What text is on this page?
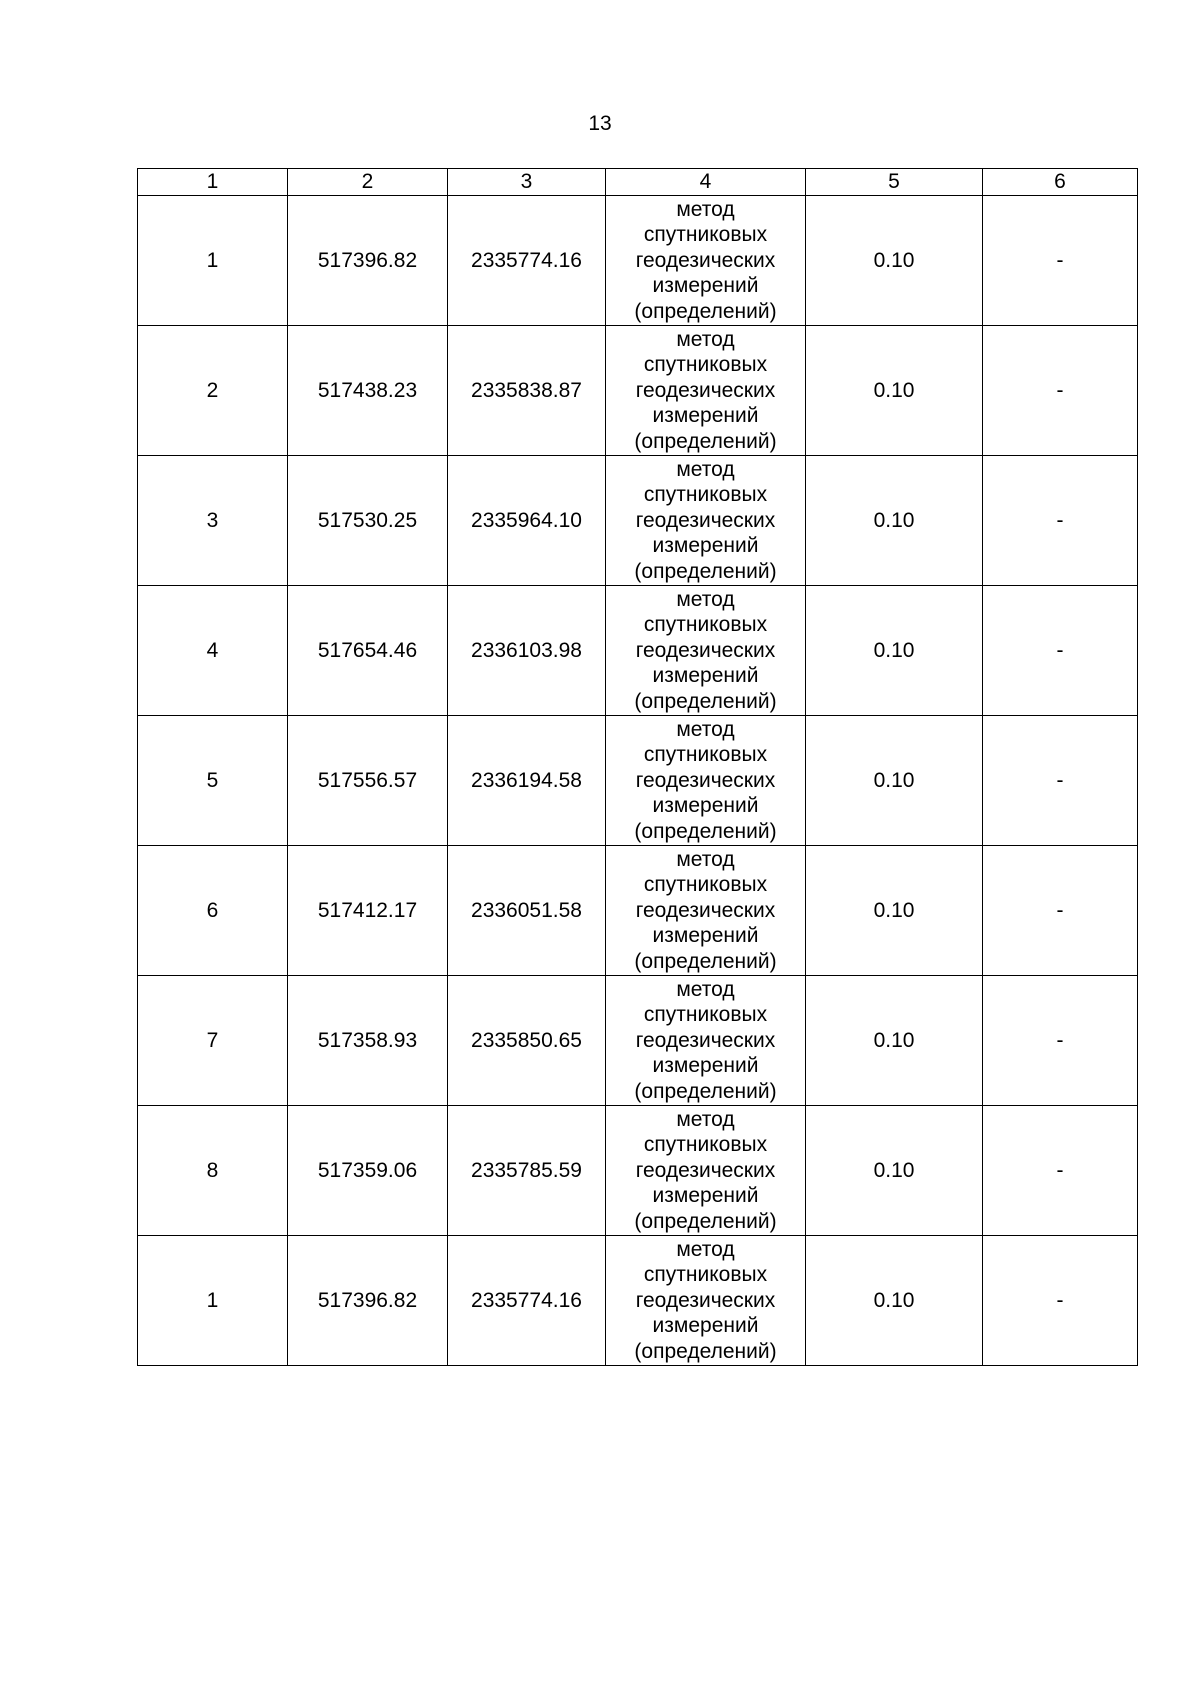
13
1	2	3	4	5	6
1	517396.82	2335774.16	метод
спутниковых
геодезических
измерений
(определений)	0.10	-
2	517438.23	2335838.87	метод
спутниковых
геодезических
измерений
(определений)	0.10	-
3	517530.25	2335964.10	метод
спутниковых
геодезических
измерений
(определений)	0.10	-
4	517654.46	2336103.98	метод
спутниковых
геодезических
измерений
(определений)	0.10	-
5	517556.57	2336194.58	метод
спутниковых
геодезических
измерений
(определений)	0.10	-
6	517412.17	2336051.58	метод
спутниковых
геодезических
измерений
(определений)	0.10	-
7	517358.93	2335850.65	метод
спутниковых
геодезических
измерений
(определений)	0.10	-
8	517359.06	2335785.59	метод
спутниковых
геодезических
измерений
(определений)	0.10	-
1	517396.82	2335774.16	метод
спутниковых
геодезических
измерений
(определений)	0.10	-
